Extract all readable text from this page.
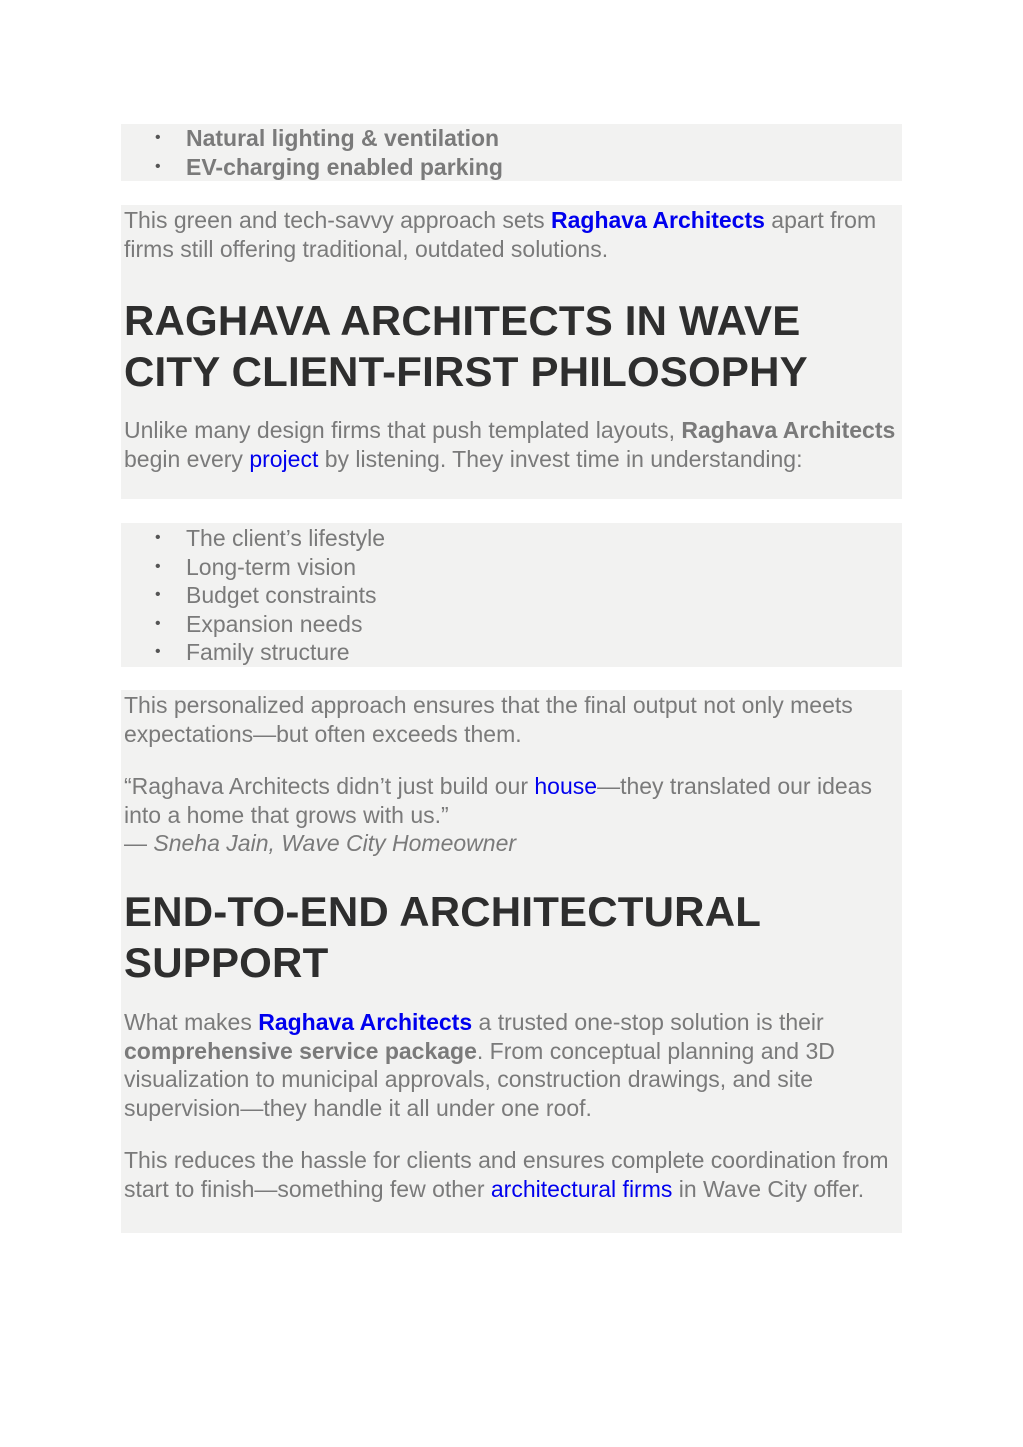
• Natural lighting & ventilation
• EV-charging enabled parking

This green and tech-savvy approach sets Raghava Architects apart from firms still offering traditional, outdated solutions.

RAGHAVA ARCHITECTS IN WAVE CITY CLIENT-FIRST PHILOSOPHY

Unlike many design firms that push templated layouts, Raghava Architects begin every project by listening. They invest time in understanding:

• The client’s lifestyle
• Long-term vision
• Budget constraints
• Expansion needs
• Family structure

This personalized approach ensures that the final output not only meets expectations—but often exceeds them.

“Raghava Architects didn’t just build our house—they translated our ideas into a home that grows with us.”
— Sneha Jain, Wave City Homeowner

END-TO-END ARCHITECTURAL SUPPORT

What makes Raghava Architects a trusted one-stop solution is their comprehensive service package. From conceptual planning and 3D visualization to municipal approvals, construction drawings, and site supervision—they handle it all under one roof.

This reduces the hassle for clients and ensures complete coordination from start to finish—something few other architectural firms in Wave City offer.
